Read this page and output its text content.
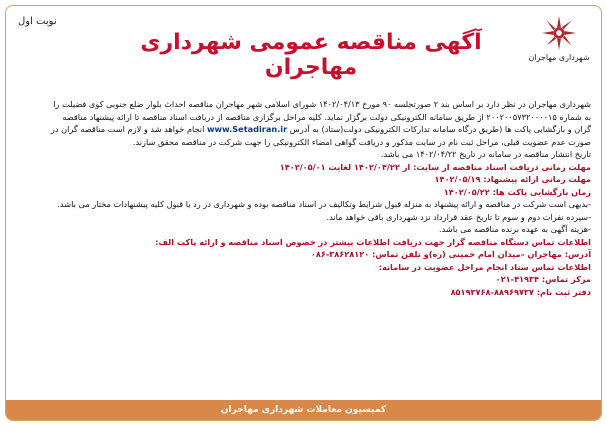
شهرداری مهاجران
آگهی مناقصه عمومی شهرداری مهاجران
نوبت اول

شهرداری مهاجران در نظر دارد بر اساس بند ۲ صورتجلسه ۹۰ مورخ ۱۴۰۲/۰۴/۱۳ شورای اسلامی شهر مهاجران مناقصه احداث بلوار ضلع جنوبی کوی فضیلت را
به شماره ۲۰۰۲۰۰۵۷۳۲۰۰۰۰۱۵ از طریق سامانه الکترونیکی دولت برگزار نماید. کلیه مراحل برگزاری مناقصه از دریافت اسناد مناقصه تا ارائه پیشنهاد مناقصه
گران و بازگشایی پاکت ها (طریق درگاه سامانه تدارکات الکترونیکی دولت(ستاد) به آدرس www.Setadiran.ir انجام خواهد شد و لازم است مناقصه گران در
صورت عدم عضویت قبلی، مراحل ثبت نام در سایت مذکور و دریافت گواهی امضاء الکترونیکی را جهت شرکت در مناقصه محقق سازند.
تاریخ انتشار مناقصه در سامانه در تاریخ ۱۴۰۲/۰۴/۲۲ می باشد.

مهلت زمانی دریافت اسناد مناقصه از سایت: از ۱۴۰۲/۰۴/۲۲ لغایت ۱۴۰۲/۰۵/۰۱
مهلت زمانی ارائه پیشنهاد: ۱۴۰۲/۰۵/۱۹
زمان بازگشایی پاکت ها: ۱۴۰۲/۰۵/۲۲
-بدیهی است شرکت در مناقصه و ارائه پیشنهاد به منزله قبول شرایط وتکالیف در اسناد مناقصه بوده و شهرداری در رد یا قبول کلیه پیشنهادات مختار می باشد.
-سپرده نفرات دوم و سوم تا تاریخ عقد قرارداد نزد شهرداری باقی خواهد ماند.
-هزینه آگهی به عهده برنده مناقصه می باشد.
اطلاعات تماس دستگاه مناقصه گزار جهت دریافت اطلاعات بیشتر در خصوص اسناد مناقصه و ارائه پاکت الف:
آدرس: مهاجران –میدان امام خمینی (ره)و تلفن تماس: ۳۸۶۲۸۱۲۰-۰۸۶
اطلاعات تماس ستاد انجام مراحل عضویت در سامانه:
مرکز تماس: ۴۱۹۳۴-۰۲۱
دفتر ثبت نام: ۸۸۹۶۹۷۳۷-۸۵۱۹۳۷۶۸
کمیسیون معاملات شهرداری مهاجران
